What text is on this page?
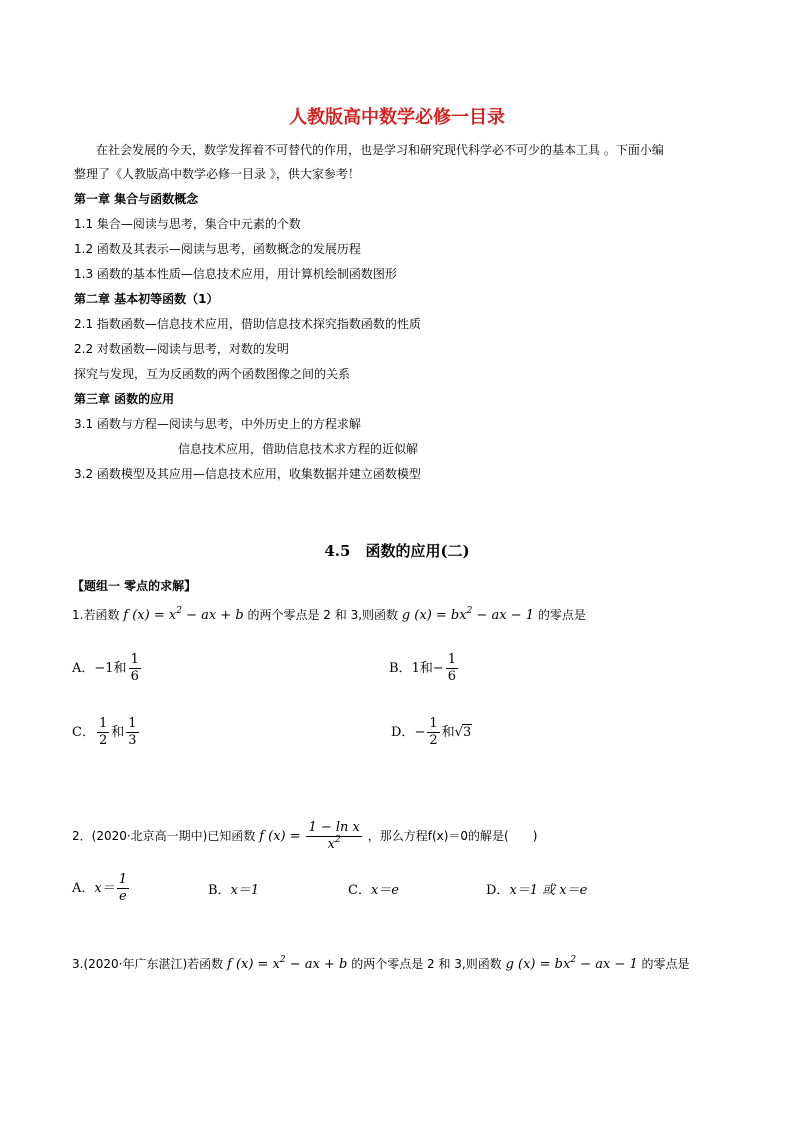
人教版高中数学必修一目录
在社会发展的今天，数学发挥着不可替代的作用，也是学习和研究现代科学必不可少的基本工具 。下面小编
整理了《人教版高中数学必修一目录 》，供大家参考！
第一章 集合与函数概念
1.1 集合—阅读与思考，集合中元素的个数
1.2 函数及其表示—阅读与思考，函数概念的发展历程
1.3 函数的基本性质—信息技术应用，用计算机绘制函数图形
第二章 基本初等函数（1）
2.1 指数函数—信息技术应用，借助信息技术探究指数函数的性质
2.2 对数函数—阅读与思考，对数的发明
探究与发现，互为反函数的两个函数图像之间的关系
第三章 函数的应用
3.1 函数与方程—阅读与思考，中外历史上的方程求解
信息技术应用，借助信息技术求方程的近似解
3.2 函数模型及其应用—信息技术应用，收集数据并建立函数模型
4.5　函数的应用(二)
【题组一 零点的求解】
1.若函数 f $(x) = x^2$ − ax + b 的两个零点是 2 和 3,则函数 g $(x) = bx^2$ − ax − 1 的零点是
A．−1和 $\frac{1}{6}$	B．1和− $\frac{1}{6}$
C． $\frac{1}{2}$ 和 $\frac{1}{3}$	D．− $\frac{1}{2}$ 和√3
2．(2020·北京高一期中)已知函数 f $(x) = \frac{\text{1 − ln x}}{x^2}$ ，那么方程f(x)＝0的解是(　　)
A．$x= \frac{1}{e}$	B．x＝1	C．x＝e	D．x＝1 或 x＝e
3.(2020·年广东湛江)若函数 f $(x) = x^2$ − ax + b 的两个零点是 2 和 3,则函数 g $(x) = bx^2$ − ax − 1 的零点是
